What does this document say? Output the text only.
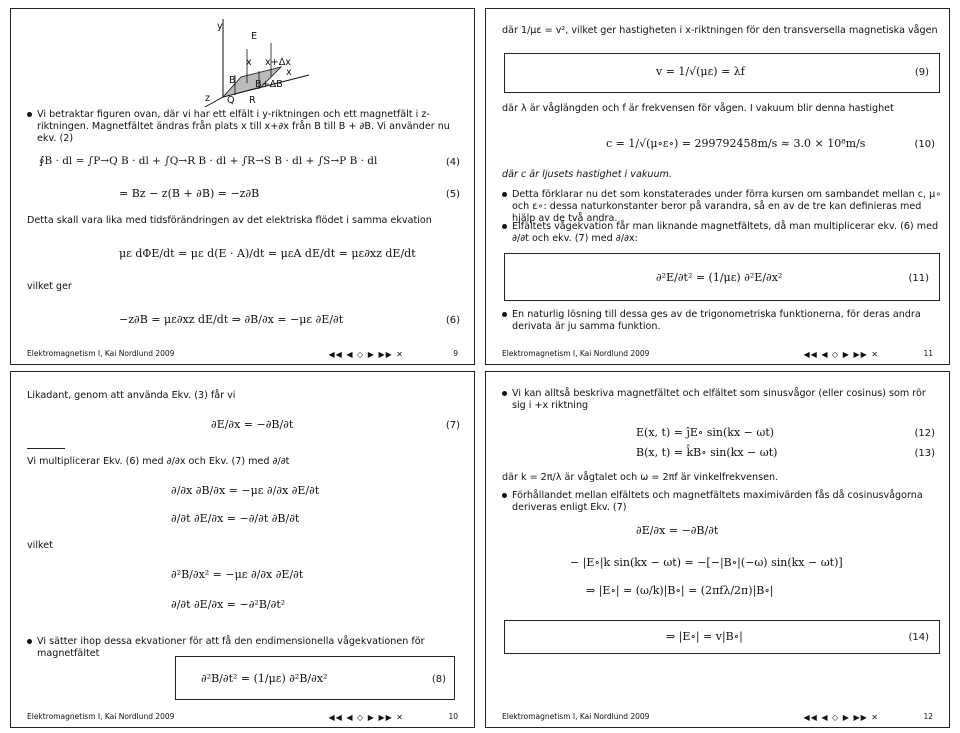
y
E
x x+Δx
x
B B+ΔB
z Q R
Vi betraktar figuren ovan, där vi har ett elfält i y-riktningen och ett magnetfält i z-riktningen. Magnetfältet ändras från plats x till x+∂x från B till B + ∂B. Vi använder nu ekv. (2)
∮B · dl = ∫P→Q B · dl + ∫Q→R B · dl + ∫R→S B · dl + ∫S→P B · dl	(4)
= Bz − z(B + ∂B) = −z∂B	(5)
Detta skall vara lika med tidsförändringen av det elektriska flödet i samma ekvation
με dΦE/dt = με d(E · A)/dt = μεA dE/dt = με∂xz dE/dt
vilket ger
−z∂B = με∂xz dE/dt ⇒ ∂B/∂x = −με ∂E/∂t	(6)
Elektromagnetism I, Kai Nordlund 2009	◀◀ ◀ ◇ ▶ ▶▶ ✕	9
där 1/με = v², vilket ger hastigheten i x-riktningen för den transversella magnetiska vågen
v = 1/√(με) = λf	(9)
där λ är våglängden och f är frekvensen för vågen. I vakuum blir denna hastighet
c = 1/√(μ∘ε∘) = 299792458m/s ≈ 3.0 × 10⁸m/s	(10)
där c är ljusets hastighet i vakuum.
Detta förklarar nu det som konstaterades under förra kursen om sambandet mellan c, μ∘ och ε∘: dessa naturkonstanter beror på varandra, så en av de tre kan definieras med hjälp av de två andra.
Elfältets vågekvation får man liknande magnetfältets, då man multiplicerar ekv. (6) med ∂/∂t och ekv. (7) med ∂/∂x:
∂²E/∂t² = (1/με) ∂²E/∂x²	(11)
En naturlig lösning till dessa ges av de trigonometriska funktionerna, för deras andra derivata är ju samma funktion.
Elektromagnetism I, Kai Nordlund 2009	◀◀ ◀ ◇ ▶ ▶▶ ✕	11
Likadant, genom att använda Ekv. (3) får vi
∂E/∂x = −∂B/∂t	(7)
Vi multiplicerar Ekv. (6) med ∂/∂x och Ekv. (7) med ∂/∂t
∂/∂x ∂B/∂x = −με ∂/∂x ∂E/∂t
∂/∂t ∂E/∂x = −∂/∂t ∂B/∂t
vilket
∂²B/∂x² = −με ∂/∂x ∂E/∂t
∂/∂t ∂E/∂x = −∂²B/∂t²
Vi sätter ihop dessa ekvationer för att få den endimensionella vågekvationen för magnetfältet
∂²B/∂t² = (1/με) ∂²B/∂x²	(8)
Elektromagnetism I, Kai Nordlund 2009	◀◀ ◀ ◇ ▶ ▶▶ ✕	10
Vi kan alltså beskriva magnetfältet och elfältet som sinusvågor (eller cosinus) som rör sig i +x riktning
E(x, t) = ĵE∘ sin(kx − ωt)	(12)
B(x, t) = k̂B∘ sin(kx − ωt)	(13)
där k = 2π/λ är vågtalet och ω = 2πf är vinkelfrekvensen.
Förhållandet mellan elfältets och magnetfältets maximivärden fås då cosinusvågorna deriveras enligt Ekv. (7)
∂E/∂x = −∂B/∂t
− |E∘|k sin(kx − ωt) = −[−|B∘|(−ω) sin(kx − ωt)]
⇒ |E∘| = (ω/k)|B∘| = (2πfλ/2π)|B∘|
⇒ |E∘| = v|B∘|	(14)
Elektromagnetism I, Kai Nordlund 2009	◀◀ ◀ ◇ ▶ ▶▶ ✕	12
